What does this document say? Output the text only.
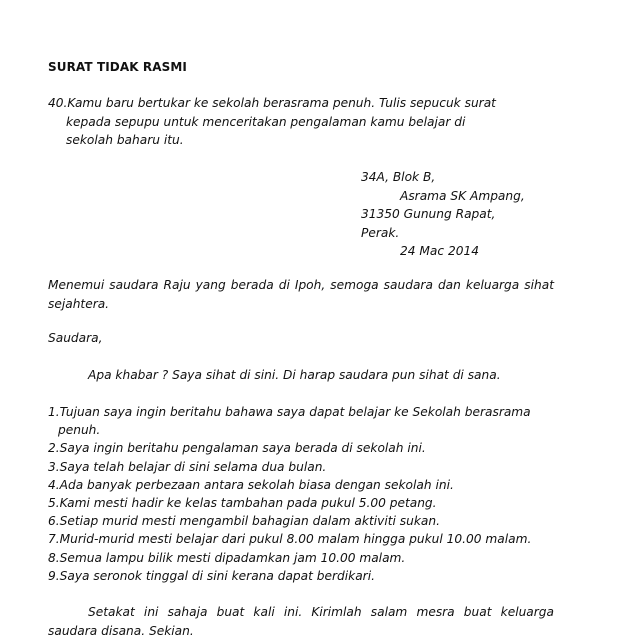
SURAT TIDAK RASMI
40.Kamu baru bertukar ke sekolah berasrama penuh. Tulis sepucuk surat
kepada sepupu untuk menceritakan pengalaman kamu belajar di
sekolah baharu itu.
34A, Blok B,
Asrama SK Ampang,
31350 Gunung Rapat,
Perak.
24 Mac 2014
Menemui saudara Raju yang berada di Ipoh, semoga saudara dan keluarga sihat sejahtera.
Saudara,
Apa khabar ? Saya sihat di sini. Di harap saudara pun sihat di sana.
1.Tujuan saya ingin beritahu bahawa saya dapat belajar ke Sekolah berasrama
penuh.
2.Saya ingin beritahu pengalaman saya berada di sekolah ini.
3.Saya telah belajar di sini selama dua bulan.
4.Ada banyak perbezaan antara sekolah biasa dengan sekolah ini.
5.Kami mesti hadir ke kelas tambahan pada pukul 5.00 petang.
6.Setiap murid mesti mengambil bahagian dalam aktiviti sukan.
7.Murid-murid mesti belajar dari pukul 8.00 malam hingga pukul 10.00 malam.
8.Semua lampu bilik mesti dipadamkan jam 10.00 malam.
9.Saya seronok tinggal di sini kerana dapat berdikari.
Setakat ini sahaja buat kali ini. Kirimlah salam mesra buat keluarga saudara disana. Sekian.
